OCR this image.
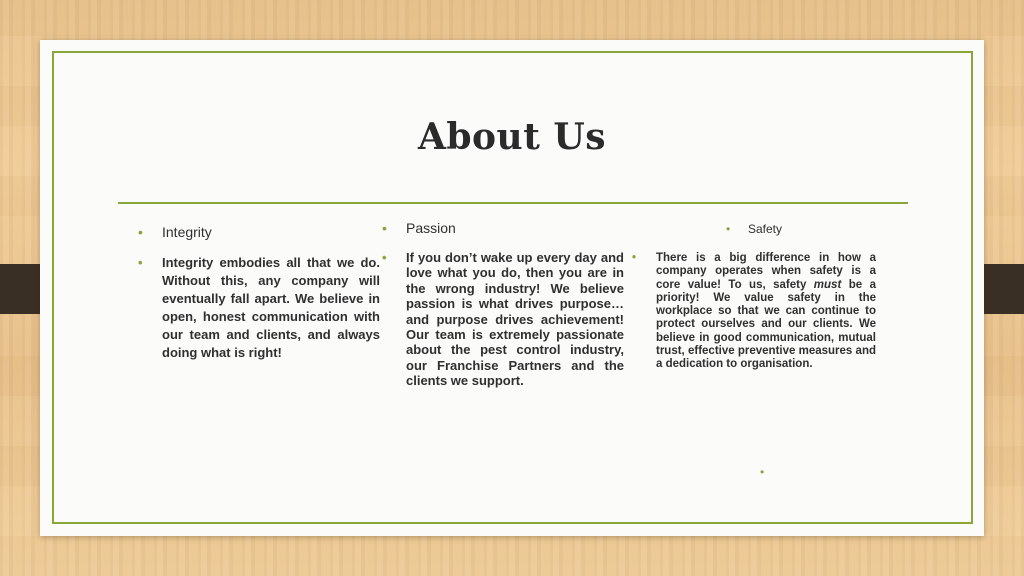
About Us
• Integrity
• Integrity embodies all that we do. Without this, any company will eventually fall apart. We believe in open, honest communication with our team and clients, and always doing what is right!
• Passion
• If you don’t wake up every day and love what you do, then you are in the wrong industry! We believe passion is what drives purpose… and purpose drives achievement! Our team is extremely passionate about the pest control industry, our Franchise Partners and the clients we support.
• Safety
• There is a big difference in how a company operates when safety is a core value! To us, safety must be a priority! We value safety in the workplace so that we can continue to protect ourselves and our clients. We believe in good communication, mutual trust, effective preventive measures and a dedication to organisation.
•
